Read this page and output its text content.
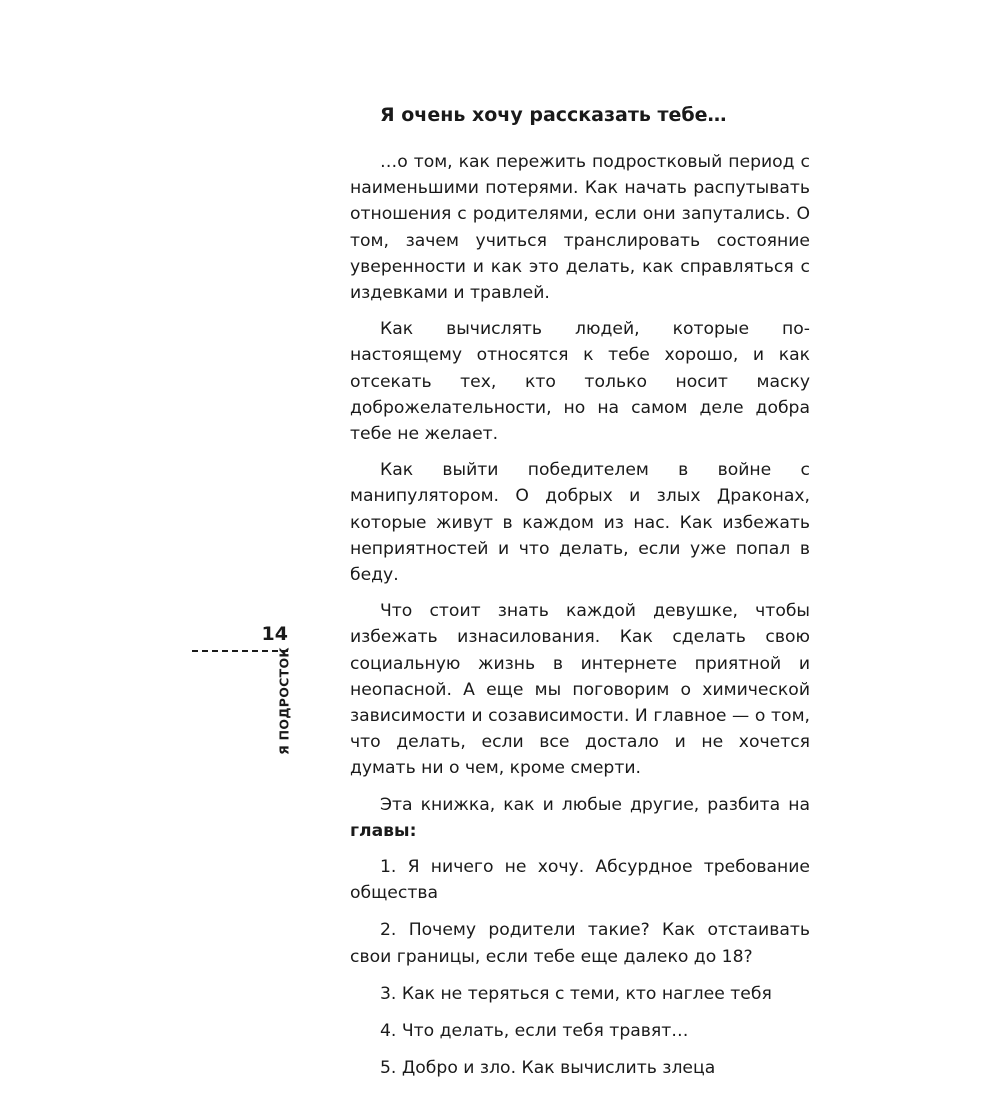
Я очень хочу рассказать тебе…

…о том, как пережить подростковый период с наименьшими потерями. Как начать распутывать отношения с родителями, если они запутались. О том, зачем учиться транслировать состояние уверенности и как это делать, как справляться с издевками и травлей.

Как вычислять людей, которые по-настоящему относятся к тебе хорошо, и как отсекать тех, кто только носит маску доброжелательности, но на самом деле добра тебе не желает.

Как выйти победителем в войне с манипулятором. О добрых и злых Драконах, которые живут в каждом из нас. Как избежать неприятностей и что делать, если уже попал в беду.

Что стоит знать каждой девушке, чтобы избежать изнасилования. Как сделать свою социальную жизнь в интернете приятной и неопасной. А еще мы поговорим о химической зависимости и созависимости. И главное — о том, что делать, если все достало и не хочется думать ни о чем, кроме смерти.

Эта книжка, как и любые другие, разбита на главы:

1. Я ничего не хочу. Абсурдное требование общества

2. Почему родители такие? Как отстаивать свои границы, если тебе еще далеко до 18?

3. Как не теряться с теми, кто наглее тебя

4. Что делать, если тебя травят…

5. Добро и зло. Как вычислить злеца

14
Я ПОДРОСТОК
